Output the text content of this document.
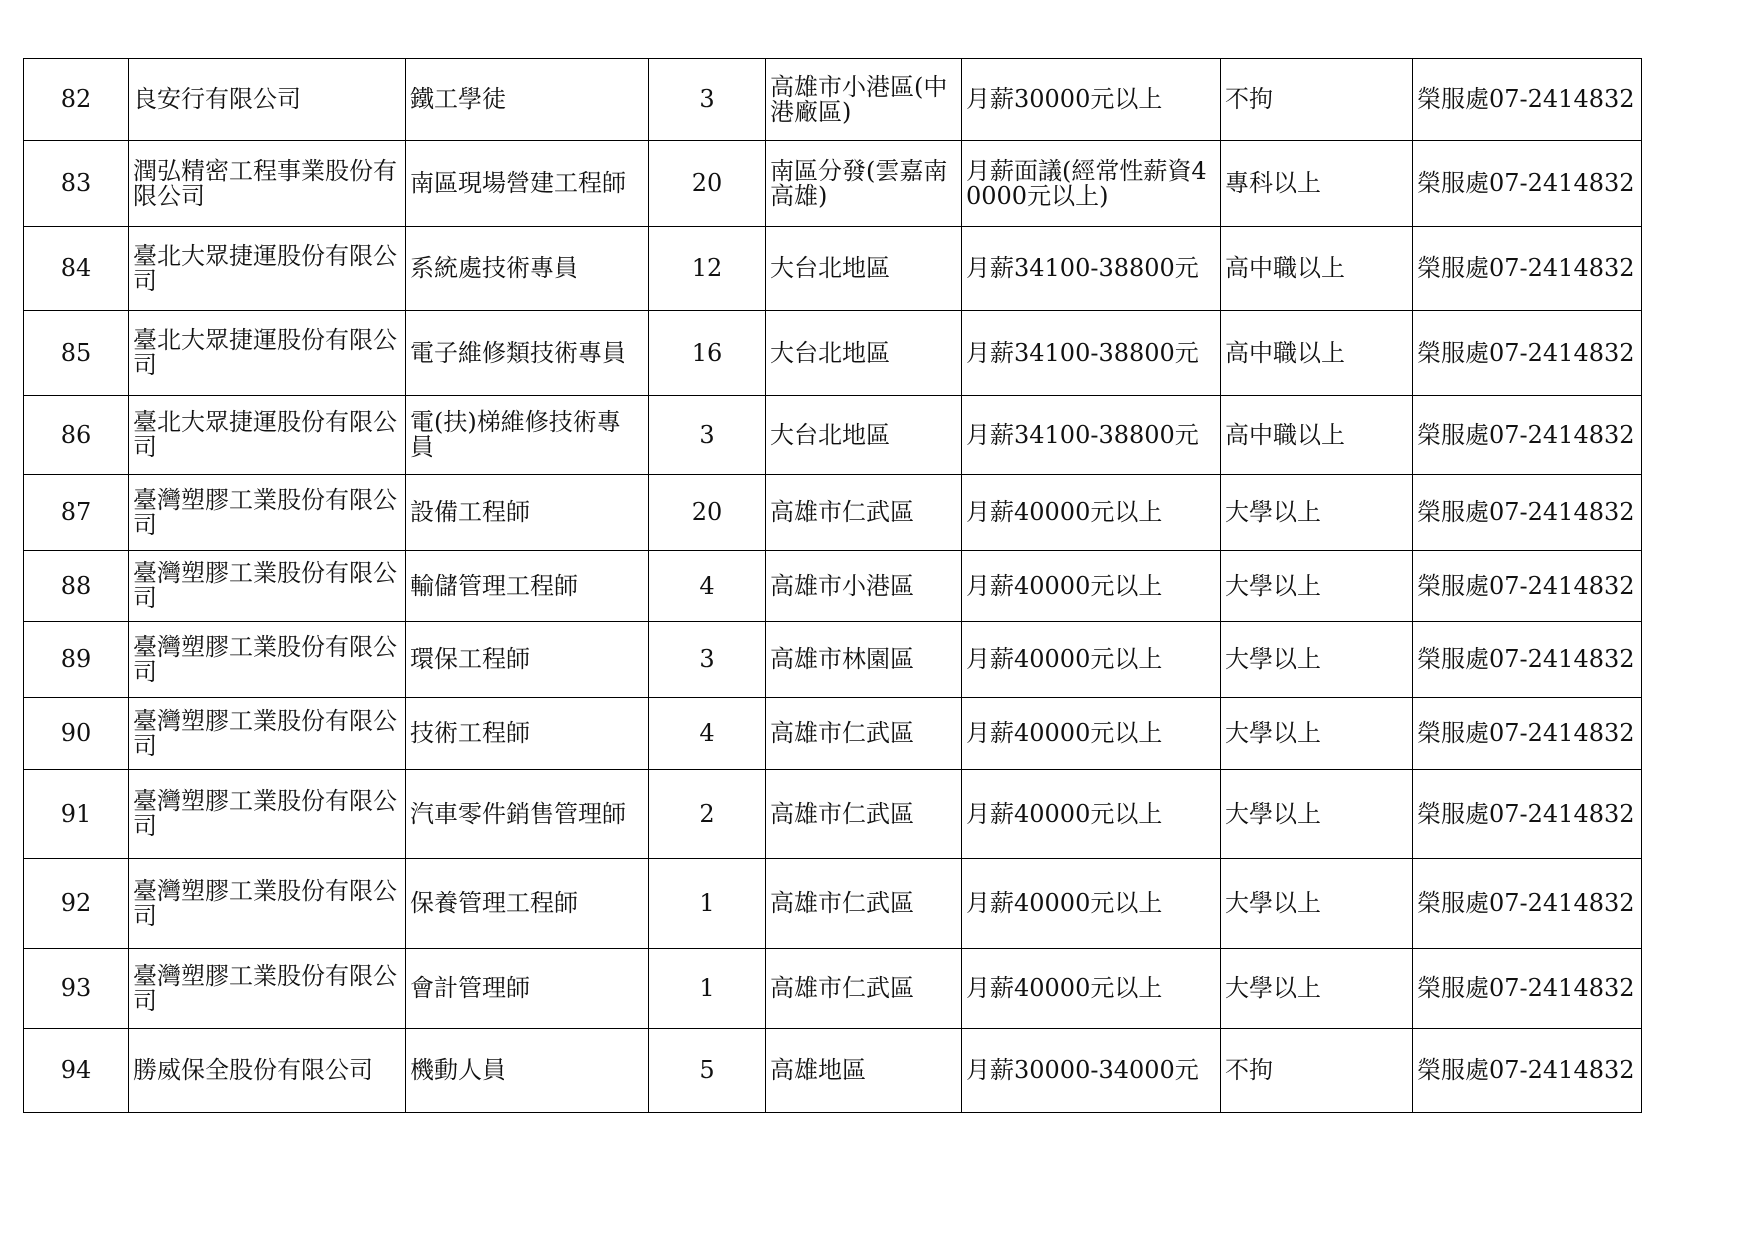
82	良安行有限公司	鐵工學徒	3	高雄市小港區(中港廠區)	月薪30000元以上	不拘	榮服處07-2414832

83	潤弘精密工程事業股份有限公司	南區現場營建工程師	20	南區分發(雲嘉南高雄)	月薪面議(經常性薪資40000元以上)	專科以上	榮服處07-2414832

84	臺北大眾捷運股份有限公司	系統處技術專員	12	大台北地區	月薪34100-38800元	高中職以上	榮服處07-2414832

85	臺北大眾捷運股份有限公司	電子維修類技術專員	16	大台北地區	月薪34100-38800元	高中職以上	榮服處07-2414832

86	臺北大眾捷運股份有限公司	電(扶)梯維修技術專員	3	大台北地區	月薪34100-38800元	高中職以上	榮服處07-2414832

87	臺灣塑膠工業股份有限公司	設備工程師	20	高雄市仁武區	月薪40000元以上	大學以上	榮服處07-2414832

88	臺灣塑膠工業股份有限公司	輸儲管理工程師	4	高雄市小港區	月薪40000元以上	大學以上	榮服處07-2414832

89	臺灣塑膠工業股份有限公司	環保工程師	3	高雄市林園區	月薪40000元以上	大學以上	榮服處07-2414832

90	臺灣塑膠工業股份有限公司	技術工程師	4	高雄市仁武區	月薪40000元以上	大學以上	榮服處07-2414832

91	臺灣塑膠工業股份有限公司	汽車零件銷售管理師	2	高雄市仁武區	月薪40000元以上	大學以上	榮服處07-2414832

92	臺灣塑膠工業股份有限公司	保養管理工程師	1	高雄市仁武區	月薪40000元以上	大學以上	榮服處07-2414832

93	臺灣塑膠工業股份有限公司	會計管理師	1	高雄市仁武區	月薪40000元以上	大學以上	榮服處07-2414832

94	勝威保全股份有限公司	機動人員	5	高雄地區	月薪30000-34000元	不拘	榮服處07-2414832
